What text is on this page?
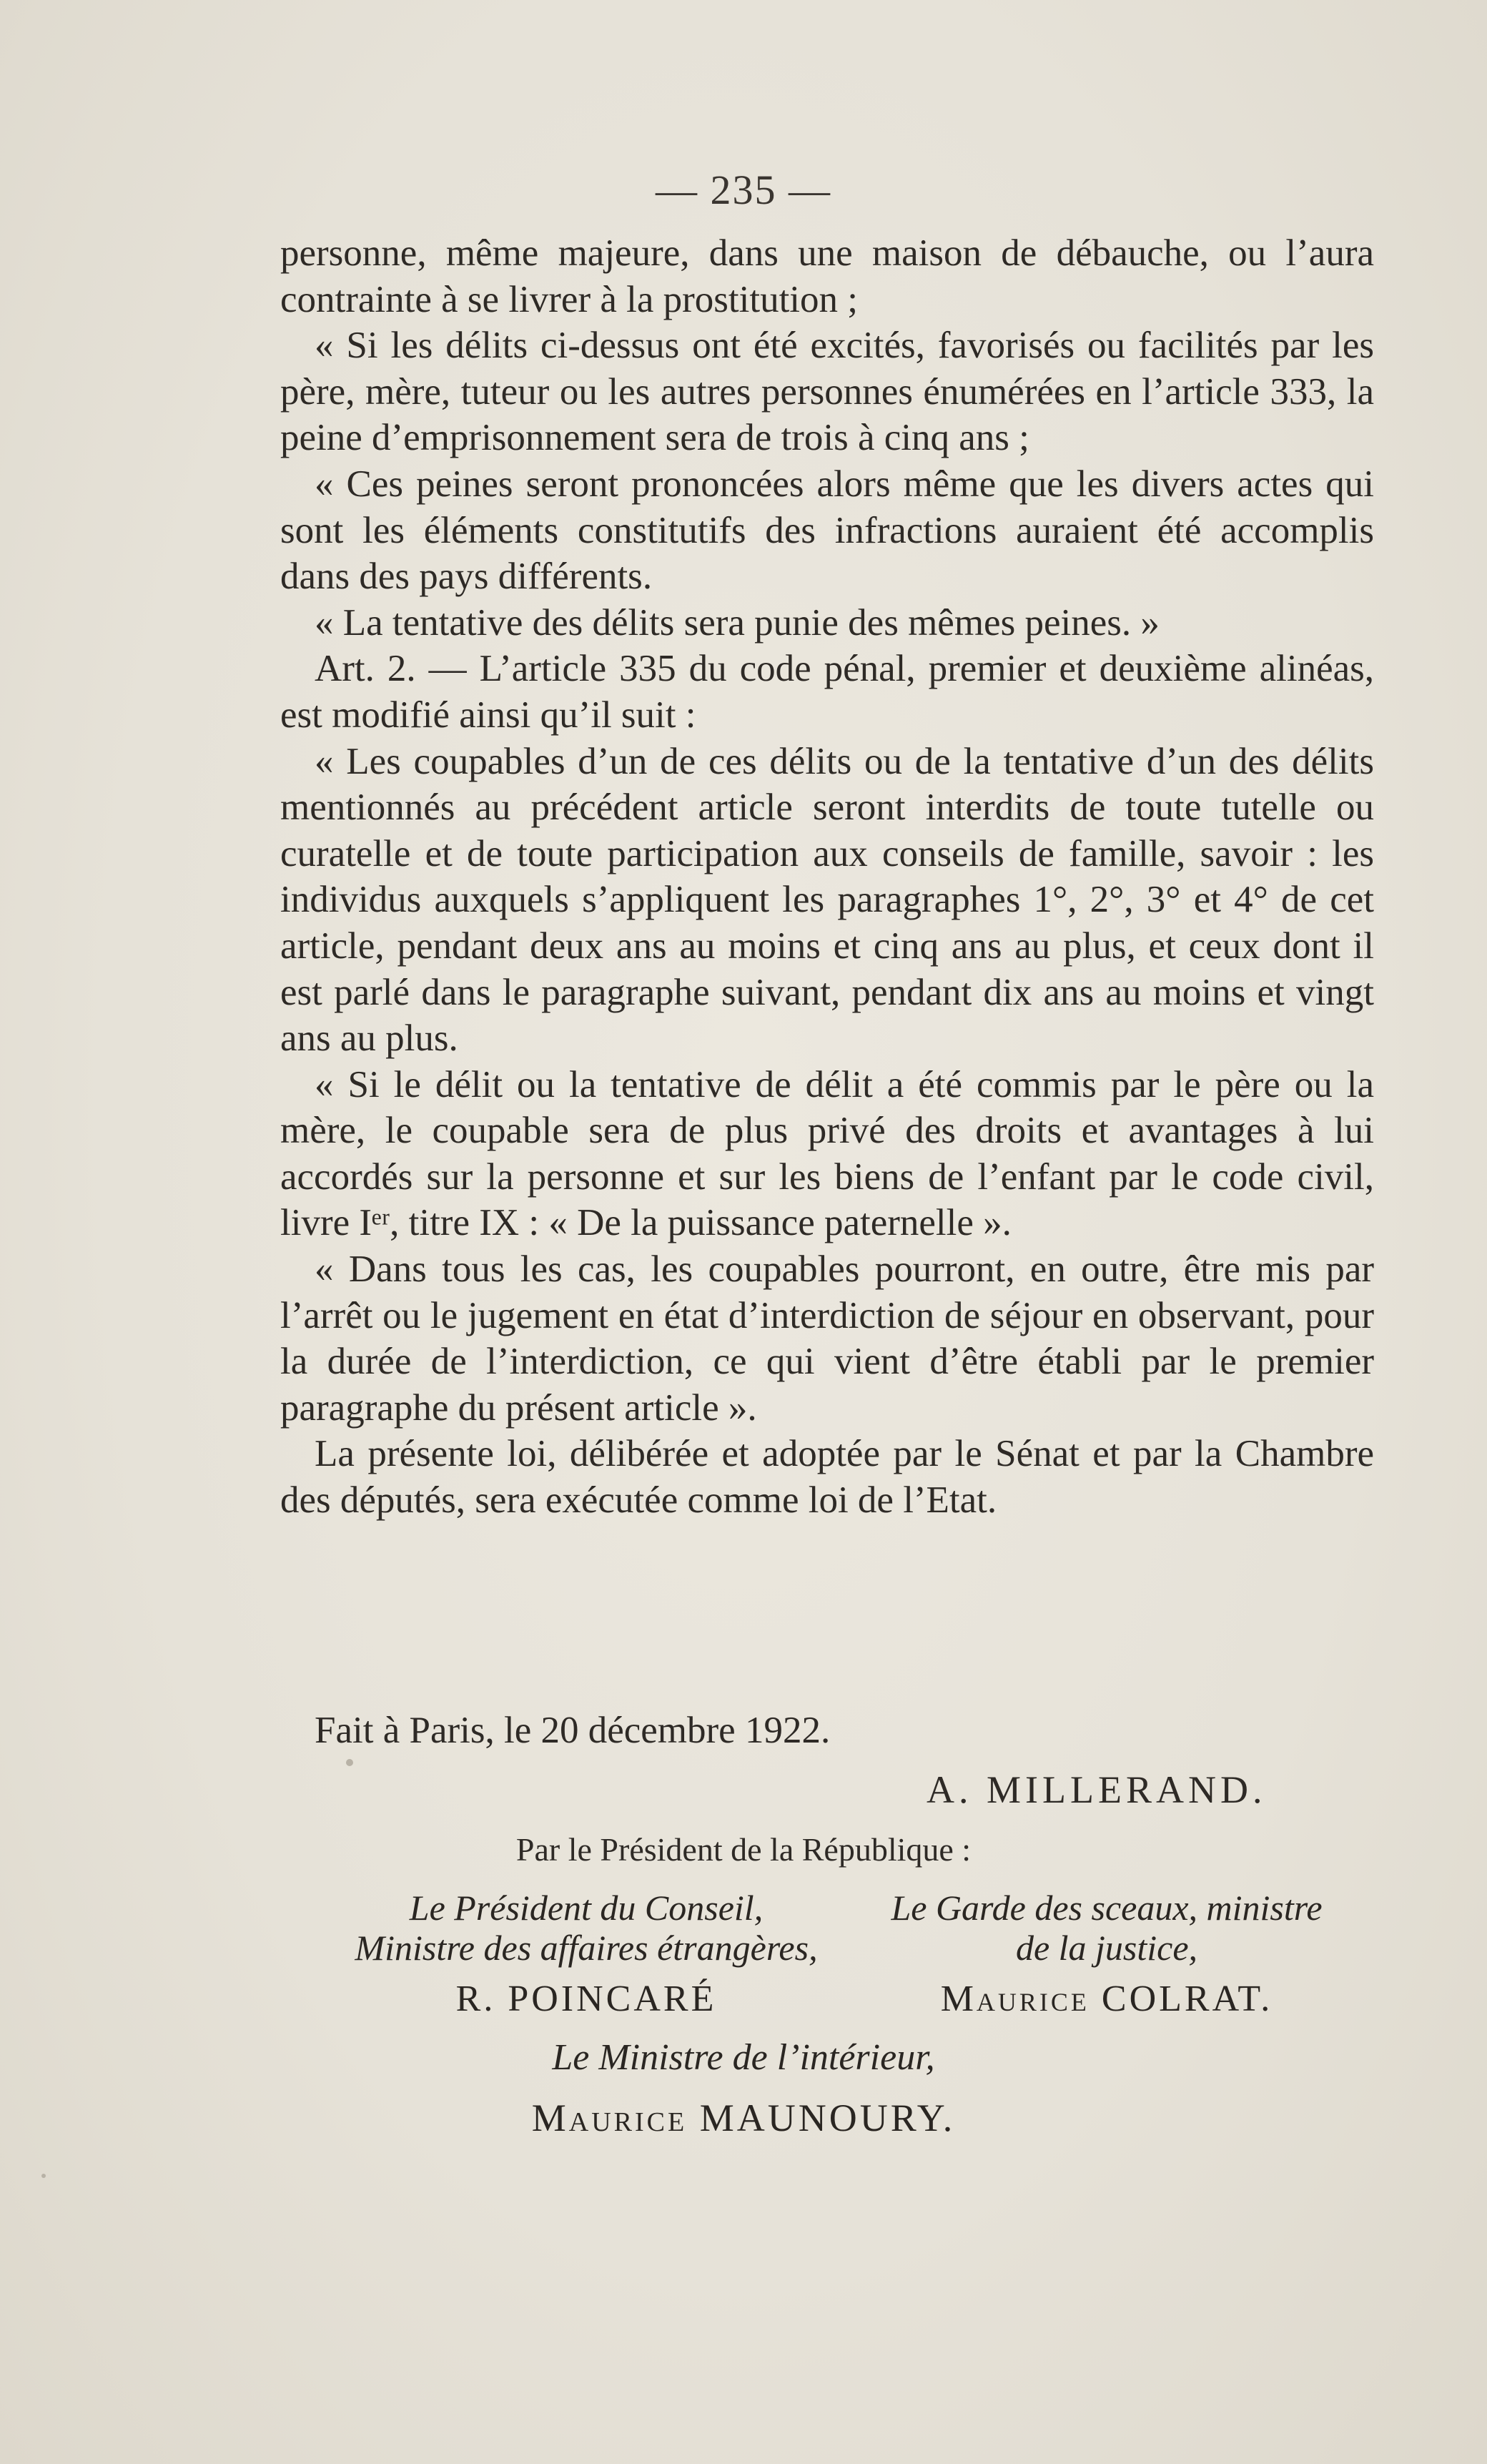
— 235 —

personne, même majeure, dans une maison de débauche, ou l’aura contrainte à se livrer à la prostitution ;

« Si les délits ci-dessus ont été excités, favorisés ou facilités par les père, mère, tuteur ou les autres personnes énumérées en l’article 333, la peine d’emprisonnement sera de trois à cinq ans ;

« Ces peines seront prononcées alors même que les divers actes qui sont les éléments constitutifs des infractions auraient été accomplis dans des pays différents.

« La tentative des délits sera punie des mêmes peines. »

Art. 2. — L’article 335 du code pénal, premier et deuxième alinéas, est modifié ainsi qu’il suit :

« Les coupables d’un de ces délits ou de la tentative d’un des délits mentionnés au précédent article seront interdits de toute tutelle ou curatelle et de toute participation aux conseils de famille, savoir : les individus auxquels s’appliquent les paragraphes 1°, 2°, 3° et 4° de cet article, pendant deux ans au moins et cinq ans au plus, et ceux dont il est parlé dans le paragraphe suivant, pendant dix ans au moins et vingt ans au plus.

« Si le délit ou la tentative de délit a été commis par le père ou la mère, le coupable sera de plus privé des droits et avantages à lui accordés sur la personne et sur les biens de l’enfant par le code civil, livre Iᵉʳ, titre IX : « De la puissance paternelle ».

« Dans tous les cas, les coupables pourront, en outre, être mis par l’arrêt ou le jugement en état d’interdiction de séjour en observant, pour la durée de l’interdiction, ce qui vient d’être établi par le premier paragraphe du présent article ».

La présente loi, délibérée et adoptée par le Sénat et par la Chambre des députés, sera exécutée comme loi de l’Etat.

Fait à Paris, le 20 décembre 1922.
A. MILLERAND.
Par le Président de la République :
Le Président du Conseil,
Ministre des affaires étrangères,
R. POINCARÉ
Le Garde des sceaux, ministre
de la justice,
Maurice COLRAT.
Le Ministre de l’intérieur,
Maurice MAUNOURY.
